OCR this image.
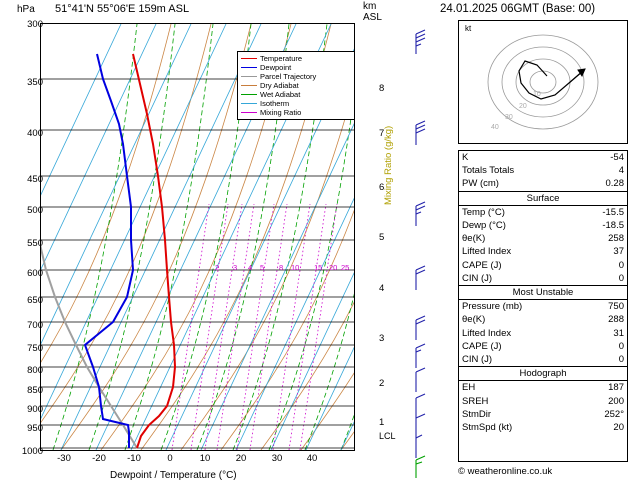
hPa 51°41'N 55°06'E 159m ASL	km
ASL
300
350
400
450
500
550
600
650
700
750
800
850
900
950
1000
8
7
6
5
4
3
2
1
LCL
-30	-20	-10	0	10	20	30	40
Dewpoint / Temperature (°C)
Temperature
Dewpoint
Parcel Trajectory
Dry Adiabat
Wet Adiabat
Isotherm
Mixing Ratio
2 3 4 5 8 10 15 20 25
Mixing Ratio (g/kg)
24.01.2025 06GMT (Base: 00)
kt
10
20
30
40
K	-54
Totals Totals	4
PW (cm)	0.28
Surface	
Temp (°C)	-15.5
Dewp (°C)	-18.5
θe(K)	258
Lifted Index	37
CAPE (J)	0
CIN (J)	0
Most Unstable	
Pressure (mb)	750
θe(K)	288
Lifted Index	31
CAPE (J)	0
CIN (J)	0
Hodograph	
EH	187
SREH	200
StmDir	252°
StmSpd (kt)	20
© weatheronline.co.uk
